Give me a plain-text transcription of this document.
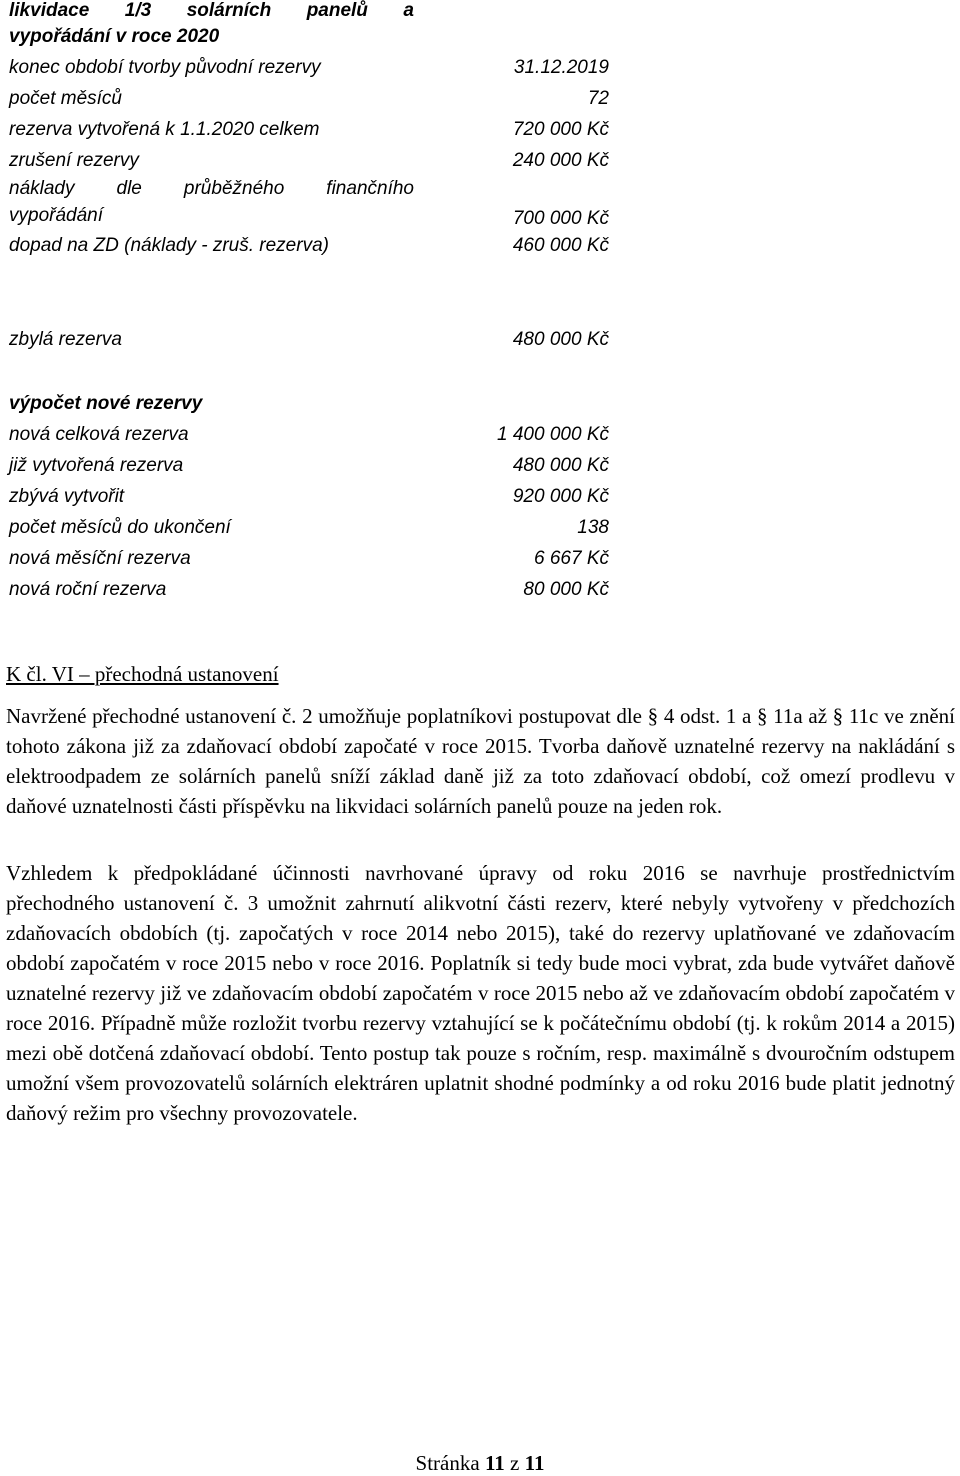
likvidace 1/3 solárních panelů a
vypořádání v roce 2020
konec období tvorby původní rezervy	31.12.2019
počet měsíců	72
rezerva vytvořená k 1.1.2020 celkem	720 000 Kč
zrušení rezervy	240 000 Kč
náklady dle průběžného finančního
vypořádání	700 000 Kč
dopad na ZD (náklady - zruš. rezerva)	460 000 Kč
zbylá rezerva	480 000 Kč
výpočet nové rezervy
nová celková rezerva	1 400 000 Kč
již vytvořená rezerva	480 000 Kč
zbývá vytvořit	920 000 Kč
počet měsíců do ukončení	138
nová měsíční rezerva	6 667 Kč
nová roční rezerva	80 000 Kč
K čl. VI – přechodná ustanovení

Navržené přechodné ustanovení č. 2 umožňuje poplatníkovi postupovat dle § 4 odst. 1 a § 11a až § 11c ve znění tohoto zákona již za zdaňovací období započaté v roce 2015. Tvorba daňově uznatelné rezervy na nakládání s elektroodpadem ze solárních panelů sníží základ daně již za toto zdaňovací období, což omezí prodlevu v daňové uznatelnosti části příspěvku na likvidaci solárních panelů pouze na jeden rok.

Vzhledem k předpokládané účinnosti navrhované úpravy od roku 2016 se navrhuje prostřednictvím přechodného ustanovení č. 3 umožnit zahrnutí alikvotní části rezerv, které nebyly vytvořeny v předchozích zdaňovacích obdobích (tj. započatých v roce 2014 nebo 2015), také do rezervy uplatňované ve zdaňovacím období započatém v roce 2015 nebo v roce 2016. Poplatník si tedy bude moci vybrat, zda bude vytvářet daňově uznatelné rezervy již ve zdaňovacím období započatém v roce 2015 nebo až ve zdaňovacím období započatém v roce 2016. Případně může rozložit tvorbu rezervy vztahující se k počátečnímu období (tj. k rokům 2014 a 2015) mezi obě dotčená zdaňovací období. Tento postup tak pouze s ročním, resp. maximálně s dvouročním odstupem umožní všem provozovatelů solárních elektráren uplatnit shodné podmínky a od roku 2016 bude platit jednotný daňový režim pro všechny provozovatele.

Stránka 11 z 11
